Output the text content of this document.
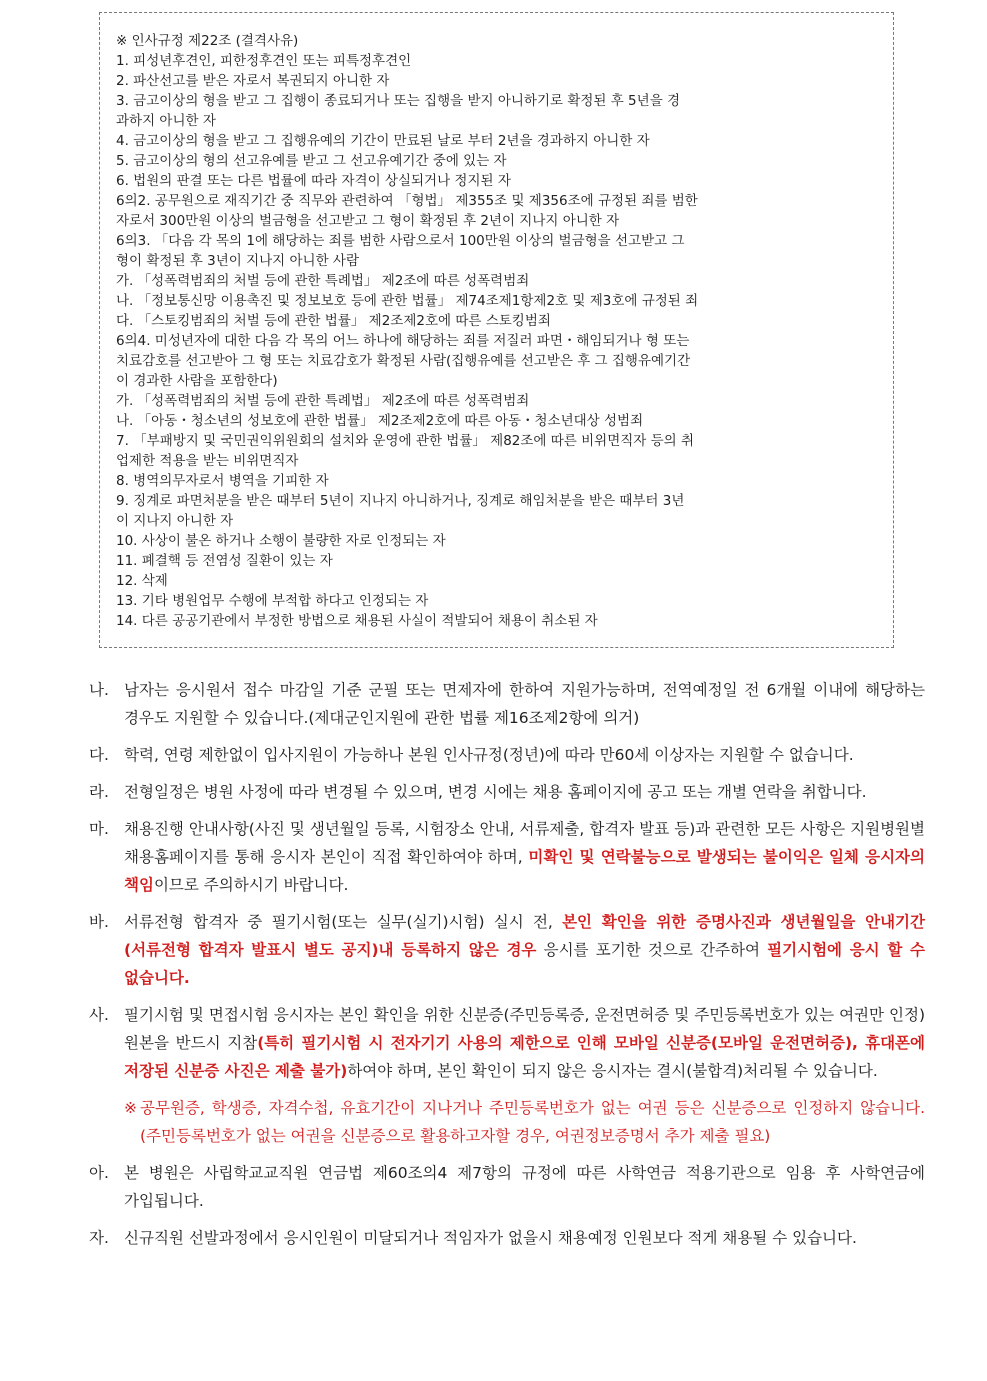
※ 인사규정 제22조 (결격사유)
1. 피성년후견인, 피한정후견인 또는 피특정후견인
2. 파산선고를 받은 자로서 복권되지 아니한 자
3. 금고이상의 형을 받고 그 집행이 종료되거나 또는 집행을 받지 아니하기로 확정된 후 5년을 경
과하지 아니한 자
4. 금고이상의 형을 받고 그 집행유예의 기간이 만료된 날로 부터 2년을 경과하지 아니한 자
5. 금고이상의 형의 선고유예를 받고 그 선고유예기간 중에 있는 자
6. 법원의 판결 또는 다른 법률에 따라 자격이 상실되거나 정지된 자
6의2. 공무원으로 재직기간 중 직무와 관련하여 「형법」 제355조 및 제356조에 규정된 죄를 범한
자로서 300만원 이상의 벌금형을 선고받고 그 형이 확정된 후 2년이 지나지 아니한 자
6의3. 「다음 각 목의 1에 해당하는 죄를 범한 사람으로서 100만원 이상의 벌금형을 선고받고 그
형이 확정된 후 3년이 지나지 아니한 사람
가. 「성폭력범죄의 처벌 등에 관한 특례법」 제2조에 따른 성폭력범죄
나. 「정보통신망 이용촉진 및 정보보호 등에 관한 법률」 제74조제1항제2호 및 제3호에 규정된 죄
다. 「스토킹범죄의 처벌 등에 관한 법률」 제2조제2호에 따른 스토킹범죄
6의4. 미성년자에 대한 다음 각 목의 어느 하나에 해당하는 죄를 저질러 파면・해임되거나 형 또는
치료감호를 선고받아 그 형 또는 치료감호가 확정된 사람(집행유예를 선고받은 후 그 집행유예기간
이 경과한 사람을 포함한다)
가. 「성폭력범죄의 처벌 등에 관한 특례법」 제2조에 따른 성폭력범죄
나. 「아동・청소년의 성보호에 관한 법률」 제2조제2호에 따른 아동・청소년대상 성범죄
7. 「부패방지 및 국민권익위원회의 설치와 운영에 관한 법률」 제82조에 따른 비위면직자 등의 취
업제한 적용을 받는 비위면직자
8. 병역의무자로서 병역을 기피한 자
9. 징계로 파면처분을 받은 때부터 5년이 지나지 아니하거나, 징계로 해임처분을 받은 때부터 3년
이 지나지 아니한 자
10. 사상이 불온 하거나 소행이 불량한 자로 인정되는 자
11. 폐결핵 등 전염성 질환이 있는 자
12. 삭제
13. 기타 병원업무 수행에 부적합 하다고 인정되는 자
14. 다른 공공기관에서 부정한 방법으로 채용된 사실이 적발되어 채용이 취소된 자
나. 남자는 응시원서 접수 마감일 기준 군필 또는 면제자에 한하여 지원가능하며, 전역예정일 전 6개월 이내에 해당하는 경우도 지원할 수 있습니다.(제대군인지원에 관한 법률 제16조제2항에 의거)
다. 학력, 연령 제한없이 입사지원이 가능하나 본원 인사규정(정년)에 따라 만60세 이상자는 지원할 수 없습니다.
라. 전형일정은 병원 사정에 따라 변경될 수 있으며, 변경 시에는 채용 홈페이지에 공고 또는 개별 연락을 취합니다.
마. 채용진행 안내사항(사진 및 생년월일 등록, 시험장소 안내, 서류제출, 합격자 발표 등)과 관련한 모든 사항은 지원병원별 채용홈페이지를 통해 응시자 본인이 직접 확인하여야 하며, 미확인 및 연락불능으로 발생되는 불이익은 일체 응시자의 책임이므로 주의하시기 바랍니다.
바. 서류전형 합격자 중 필기시험(또는 실무(실기)시험) 실시 전, 본인 확인을 위한 증명사진과 생년월일을 안내기간(서류전형 합격자 발표시 별도 공지)내 등록하지 않은 경우 응시를 포기한 것으로 간주하여 필기시험에 응시 할 수 없습니다.
사. 필기시험 및 면접시험 응시자는 본인 확인을 위한 신분증(주민등록증, 운전면허증 및 주민등록번호가 있는 여권만 인정) 원본을 반드시 지참(특히 필기시험 시 전자기기 사용의 제한으로 인해 모바일 신분증(모바일 운전면허증), 휴대폰에 저장된 신분증 사진은 제출 불가)하여야 하며, 본인 확인이 되지 않은 응시자는 결시(불합격)처리될 수 있습니다.
※ 공무원증, 학생증, 자격수첩, 유효기간이 지나거나 주민등록번호가 없는 여권 등은 신분증으로 인정하지 않습니다.(주민등록번호가 없는 여권을 신분증으로 활용하고자할 경우, 여권정보증명서 추가 제출 필요)
아. 본 병원은 사립학교교직원 연금법 제60조의4 제7항의 규정에 따른 사학연금 적용기관으로 임용 후 사학연금에 가입됩니다.
자. 신규직원 선발과정에서 응시인원이 미달되거나 적임자가 없을시 채용예정 인원보다 적게 채용될 수 있습니다.
